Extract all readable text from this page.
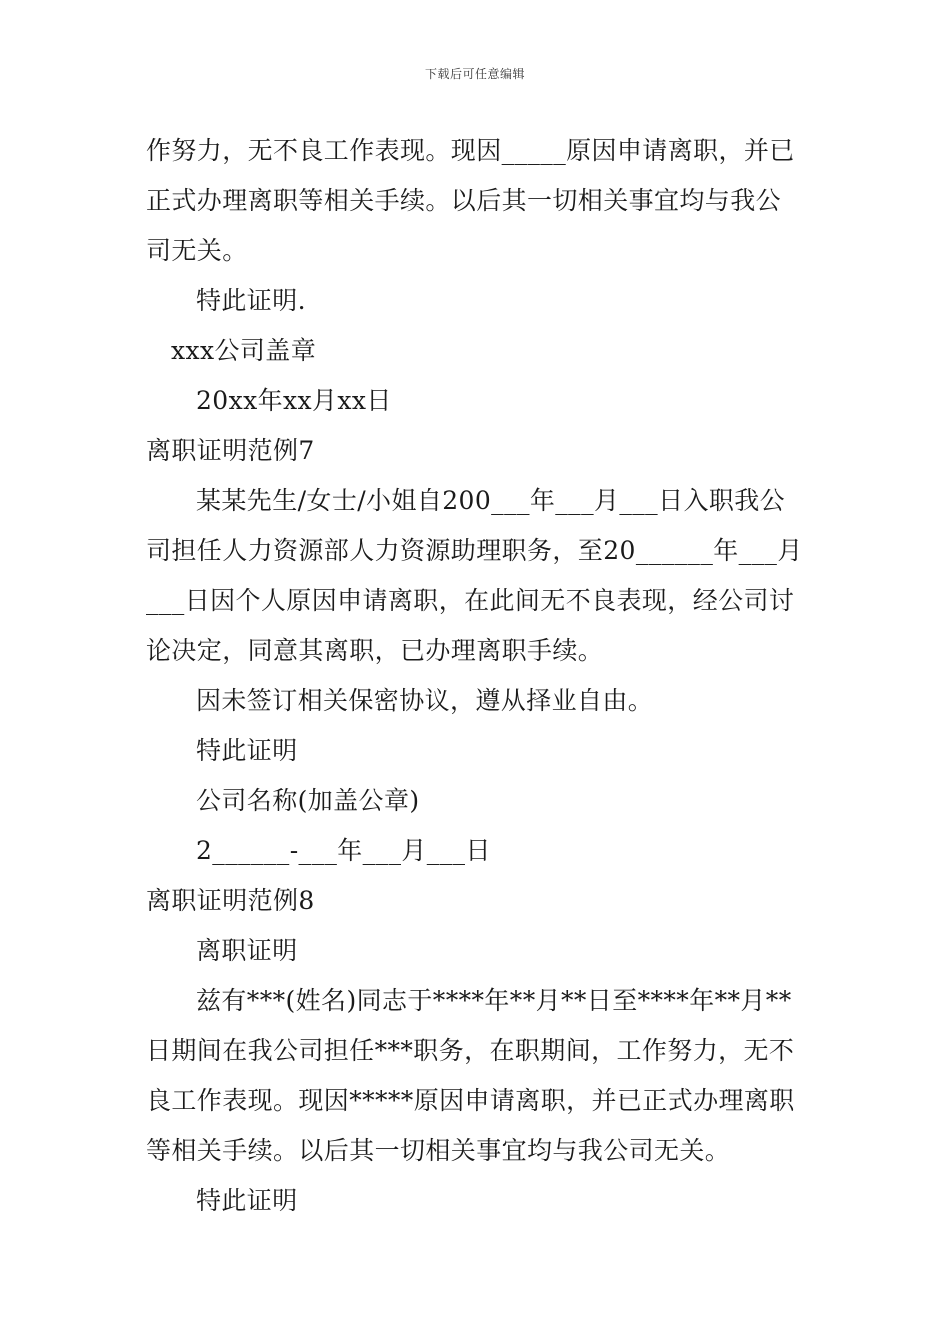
下载后可任意编辑
作努力，无不良工作表现。现因_____原因申请离职，并已
正式办理离职等相关手续。以后其一切相关事宜均与我公
司无关。
特此证明.
xxx公司盖章
20xx年xx月xx日
离职证明范例7
某某先生/女士/小姐自200___年___月___日入职我公
司担任人力资源部人力资源助理职务，至20______年___月
___日因个人原因申请离职，在此间无不良表现，经公司讨
论决定，同意其离职，已办理离职手续。
因未签订相关保密协议，遵从择业自由。
特此证明
公司名称(加盖公章)
2______-___年___月___日
离职证明范例8
离职证明
兹有***(姓名)同志于****年**月**日至****年**月**
日期间在我公司担任***职务，在职期间，工作努力，无不
良工作表现。现因*****原因申请离职，并已正式办理离职
等相关手续。以后其一切相关事宜均与我公司无关。
特此证明
